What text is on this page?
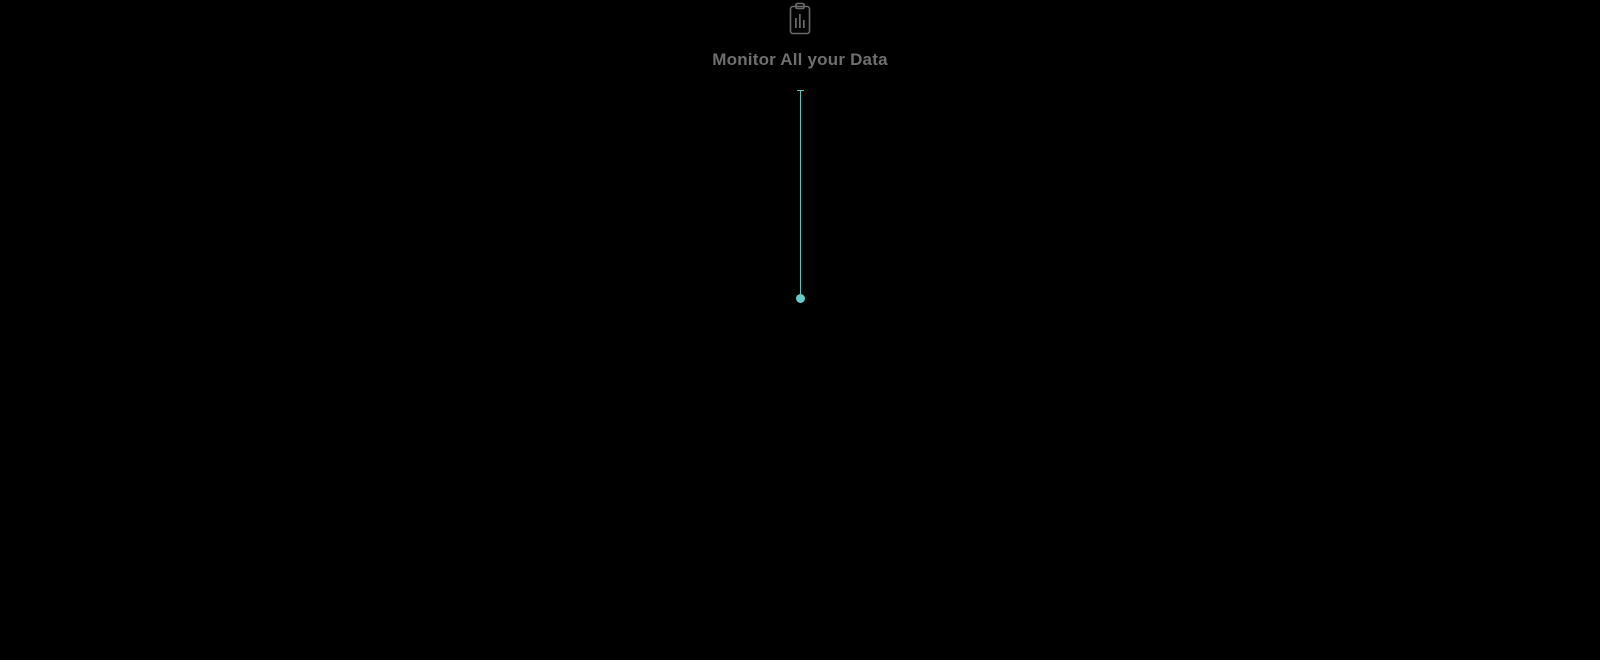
Monitor All your Data
